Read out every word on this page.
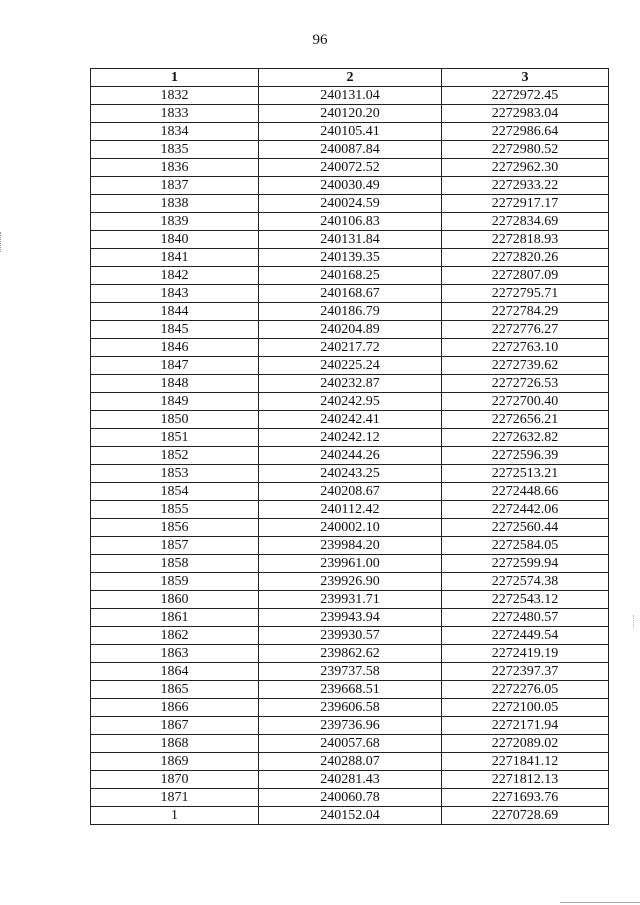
96
1	2	3
1832	240131.04	2272972.45
1833	240120.20	2272983.04
1834	240105.41	2272986.64
1835	240087.84	2272980.52
1836	240072.52	2272962.30
1837	240030.49	2272933.22
1838	240024.59	2272917.17
1839	240106.83	2272834.69
1840	240131.84	2272818.93
1841	240139.35	2272820.26
1842	240168.25	2272807.09
1843	240168.67	2272795.71
1844	240186.79	2272784.29
1845	240204.89	2272776.27
1846	240217.72	2272763.10
1847	240225.24	2272739.62
1848	240232.87	2272726.53
1849	240242.95	2272700.40
1850	240242.41	2272656.21
1851	240242.12	2272632.82
1852	240244.26	2272596.39
1853	240243.25	2272513.21
1854	240208.67	2272448.66
1855	240112.42	2272442.06
1856	240002.10	2272560.44
1857	239984.20	2272584.05
1858	239961.00	2272599.94
1859	239926.90	2272574.38
1860	239931.71	2272543.12
1861	239943.94	2272480.57
1862	239930.57	2272449.54
1863	239862.62	2272419.19
1864	239737.58	2272397.37
1865	239668.51	2272276.05
1866	239606.58	2272100.05
1867	239736.96	2272171.94
1868	240057.68	2272089.02
1869	240288.07	2271841.12
1870	240281.43	2271812.13
1871	240060.78	2271693.76
1	240152.04	2270728.69
